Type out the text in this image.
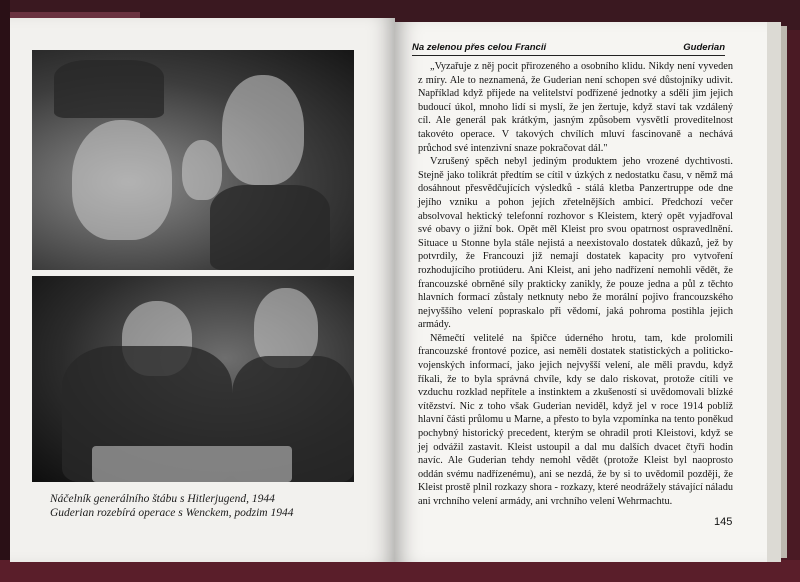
Náčelník generálního štábu s Hitlerjugend, 1944
Guderian rozebírá operace s Wenckem, podzim 1944
Na zelenou přes celou Francii	Guderian

„Vyzařuje z něj pocit přirozeného a osobního klidu. Nikdy není vyveden z míry. Ale to neznamená, že Guderian není schopen své důstojníky udivit. Například když přijede na velitelství podřízené jednotky a sdělí jim jejich budoucí úkol, mnoho lidí si myslí, že jen žertuje, když staví tak vzdálený cíl. Ale generál pak krátkým, jasným způsobem vysvětlí proveditelnost takovéto operace. V takových chvílích mluví fascinovaně a nechává průchod své intenzivní snaze pokračovat dál."

Vzrušený spěch nebyl jediným produktem jeho vrozené dychtivosti. Stejně jako tolikrát předtím se cítil v úzkých z nedostatku času, v němž má dosáhnout přesvědčujících výsledků - stálá kletba Panzertruppe ode dne jejího vzniku a pohon jejích zřetelnějších ambicí. Předchozí večer absolvoval hektický telefonní rozhovor s Kleistem, který opět vyjadřoval své obavy o jižní bok. Opět měl Kleist pro svou opatrnost ospravedlnění. Situace u Stonne byla stále nejistá a neexistovalo dostatek důkazů, jež by potvrdily, že Francouzi již nemají dostatek kapacity pro vytvoření rozhodujícího protiúderu. Ani Kleist, ani jeho nadřízení nemohli vědět, že francouzské obrněné síly prakticky zanikly, že pouze jedna a půl z těchto hlavních formací zůstaly netknuty nebo že morální pojivo francouzského nejvyššího velení popraskalo při vědomí, jaká pohroma postihla jejich armády.

Němečtí velitelé na špičce úderného hrotu, tam, kde prolomili francouzské frontové pozice, asi neměli dostatek statistických a politicko-vojenských informací, jako jejich nejvyšší velení, ale měli pravdu, když říkali, že to byla správná chvíle, kdy se dalo riskovat, protože cítili ve vzduchu rozklad nepřítele a instinktem a zkušeností si uvědomovali blízké vítězství. Nic z toho však Guderian neviděl, když jel v roce 1914 poblíž hlavní části průlomu u Marne, a přesto to byla vzpomínka na tento poněkud pochybný historický precedent, kterým se ohradil proti Kleistovi, když se jej odvážil zastavit. Kleist ustoupil a dal mu dalších dvacet čtyři hodin navíc. Ale Guderian tehdy nemohl vědět (protože Kleist byl naoprosto oddán svému nadřízenému), ani se nezdá, že by si to uvědomil později, že Kleist prostě plnil rozkazy shora - rozkazy, které neodrážely stávající náladu ani vrchního velení armády, ani vrchního velení Wehrmachtu.

145
